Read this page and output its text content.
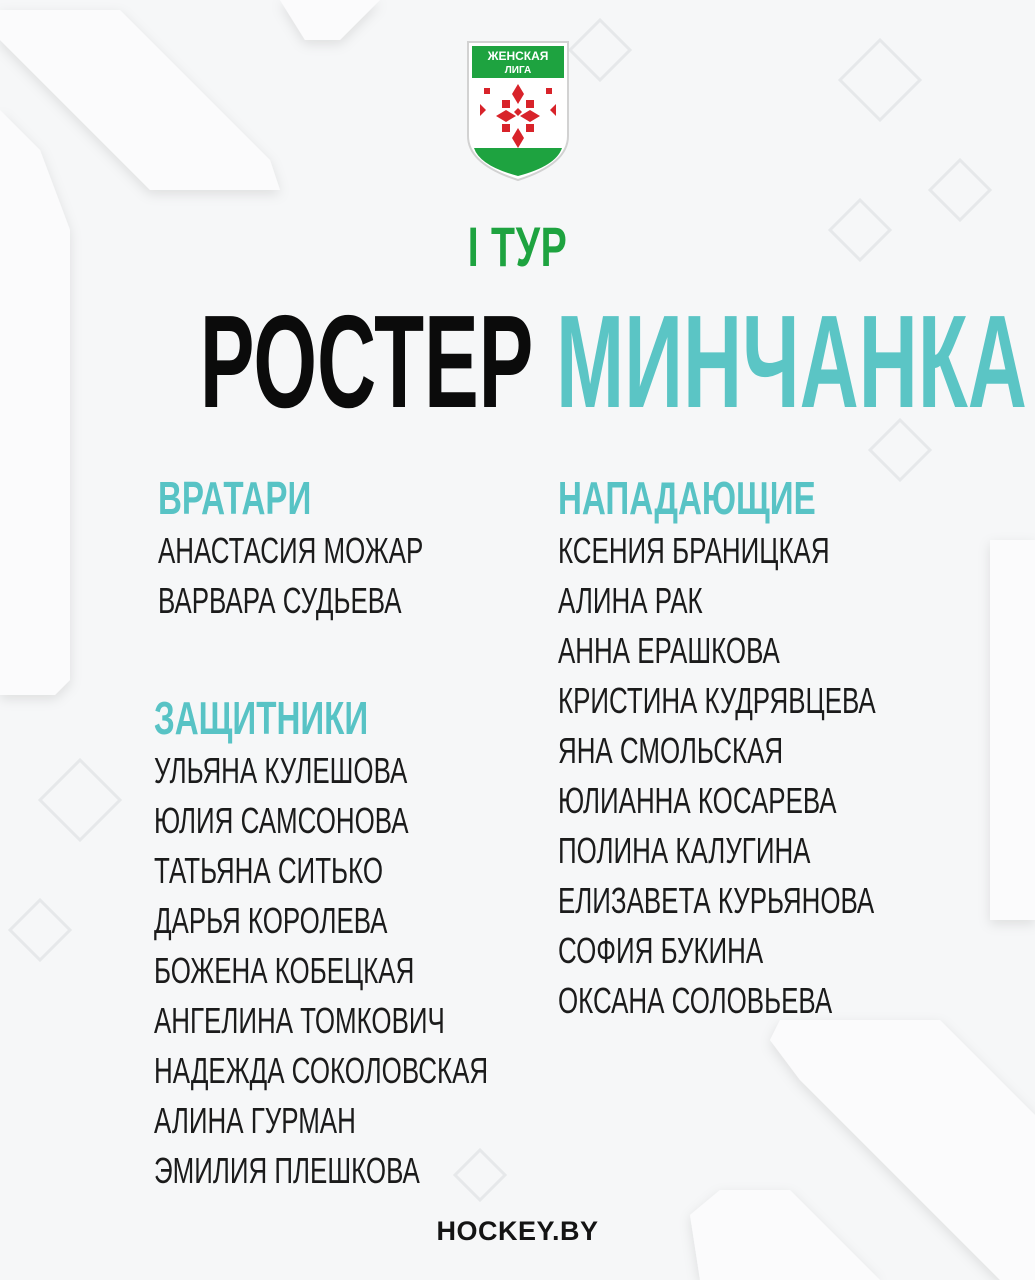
ЖЕНСКАЯ
ЛИГА
I ТУР
РОСТЕР МИНЧАНКА
ВРАТАРИ
АНАСТАСИЯ МОЖАР
ВАРВАРА СУДЬЕВА
ЗАЩИТНИКИ
УЛЬЯНА КУЛЕШОВА
ЮЛИЯ САМСОНОВА
ТАТЬЯНА СИТЬКО
ДАРЬЯ КОРОЛЕВА
БОЖЕНА КОБЕЦКАЯ
АНГЕЛИНА ТОМКОВИЧ
НАДЕЖДА СОКОЛОВСКАЯ
АЛИНА ГУРМАН
ЭМИЛИЯ ПЛЕШКОВА
НАПАДАЮЩИЕ
КСЕНИЯ БРАНИЦКАЯ
АЛИНА РАК
АННА ЕРАШКОВА
КРИСТИНА КУДРЯВЦЕВА
ЯНА СМОЛЬСКАЯ
ЮЛИАННА КОСАРЕВА
ПОЛИНА КАЛУГИНА
ЕЛИЗАВЕТА КУРЬЯНОВА
СОФИЯ БУКИНА
ОКСАНА СОЛОВЬЕВА
HOCKEY.BY
